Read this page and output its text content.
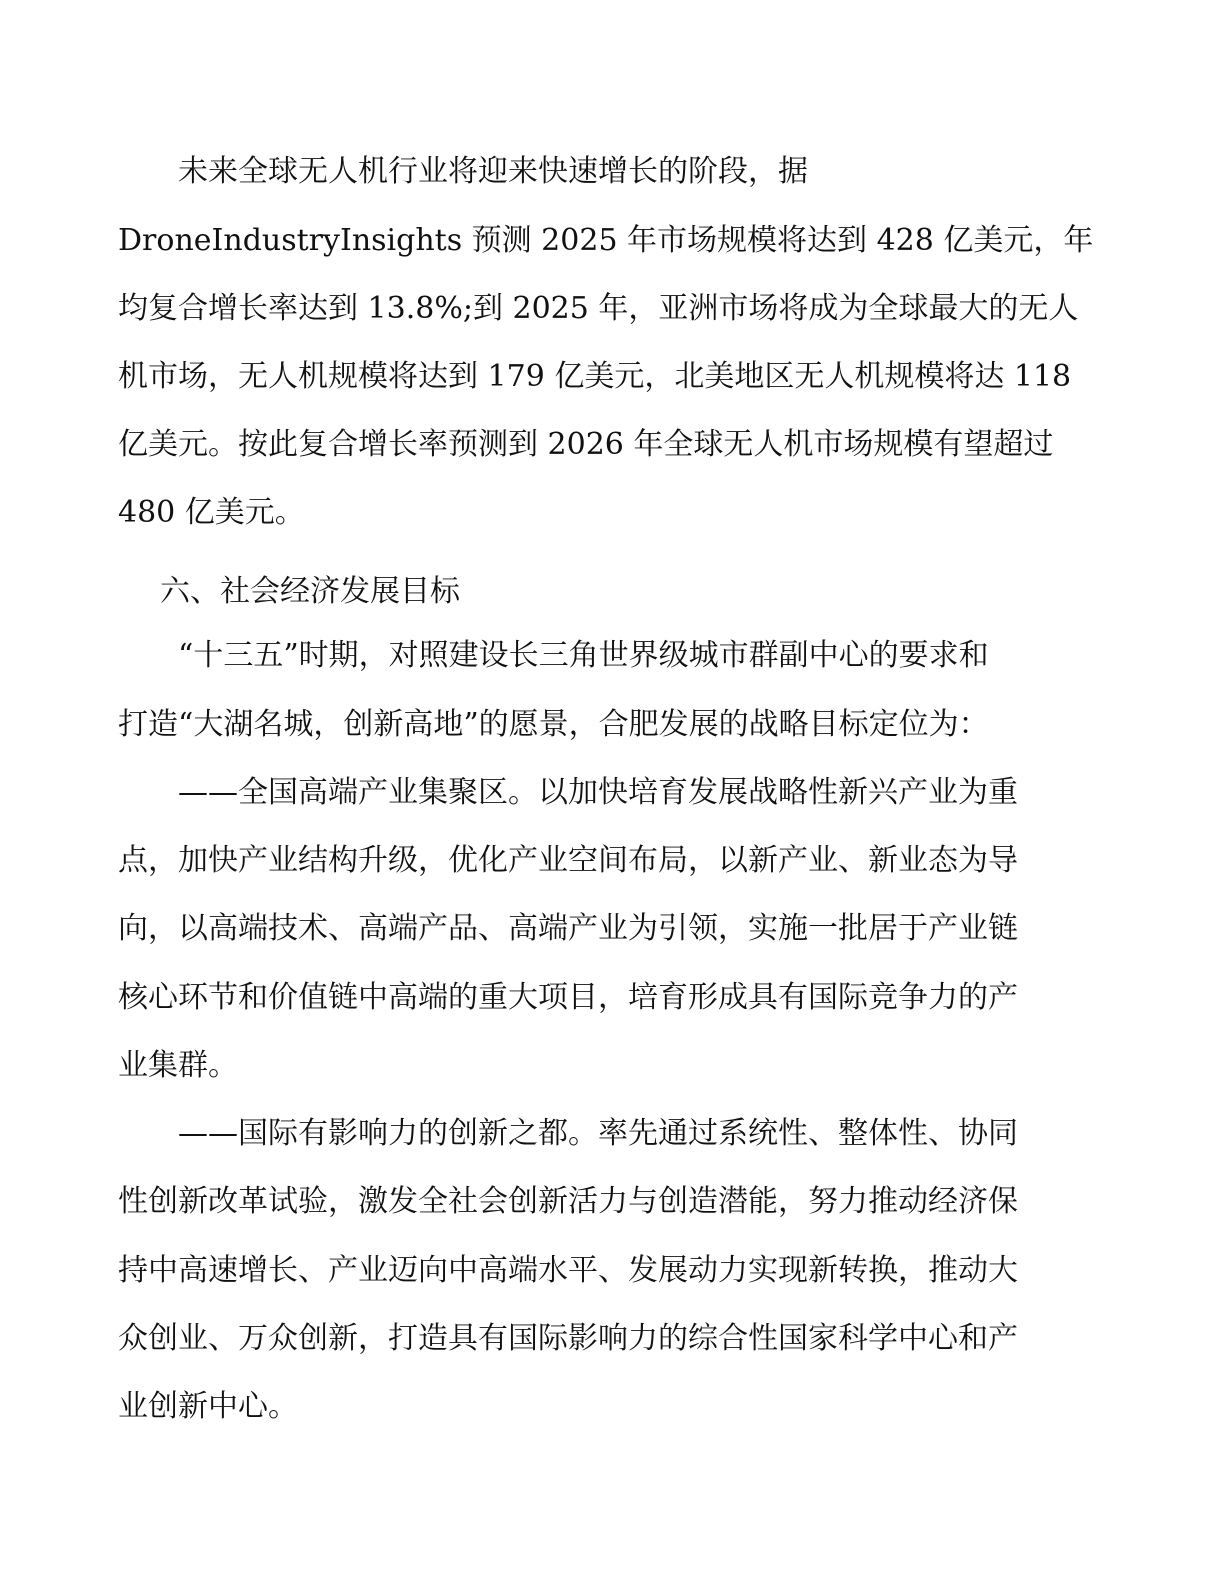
未来全球无人机行业将迎来快速增长的阶段，据
DroneIndustryInsights 预测 2025 年市场规模将达到 428 亿美元，年
均复合增长率达到 13.8%;到 2025 年，亚洲市场将成为全球最大的无人
机市场，无人机规模将达到 179 亿美元，北美地区无人机规模将达 118
亿美元。按此复合增长率预测到 2026 年全球无人机市场规模有望超过
480 亿美元。
六、社会经济发展目标
“十三五”时期，对照建设长三角世界级城市群副中心的要求和
打造“大湖名城，创新高地”的愿景，合肥发展的战略目标定位为：
——全国高端产业集聚区。以加快培育发展战略性新兴产业为重
点，加快产业结构升级，优化产业空间布局，以新产业、新业态为导
向，以高端技术、高端产品、高端产业为引领，实施一批居于产业链
核心环节和价值链中高端的重大项目，培育形成具有国际竞争力的产
业集群。
——国际有影响力的创新之都。率先通过系统性、整体性、协同
性创新改革试验，激发全社会创新活力与创造潜能，努力推动经济保
持中高速增长、产业迈向中高端水平、发展动力实现新转换，推动大
众创业、万众创新，打造具有国际影响力的综合性国家科学中心和产
业创新中心。
